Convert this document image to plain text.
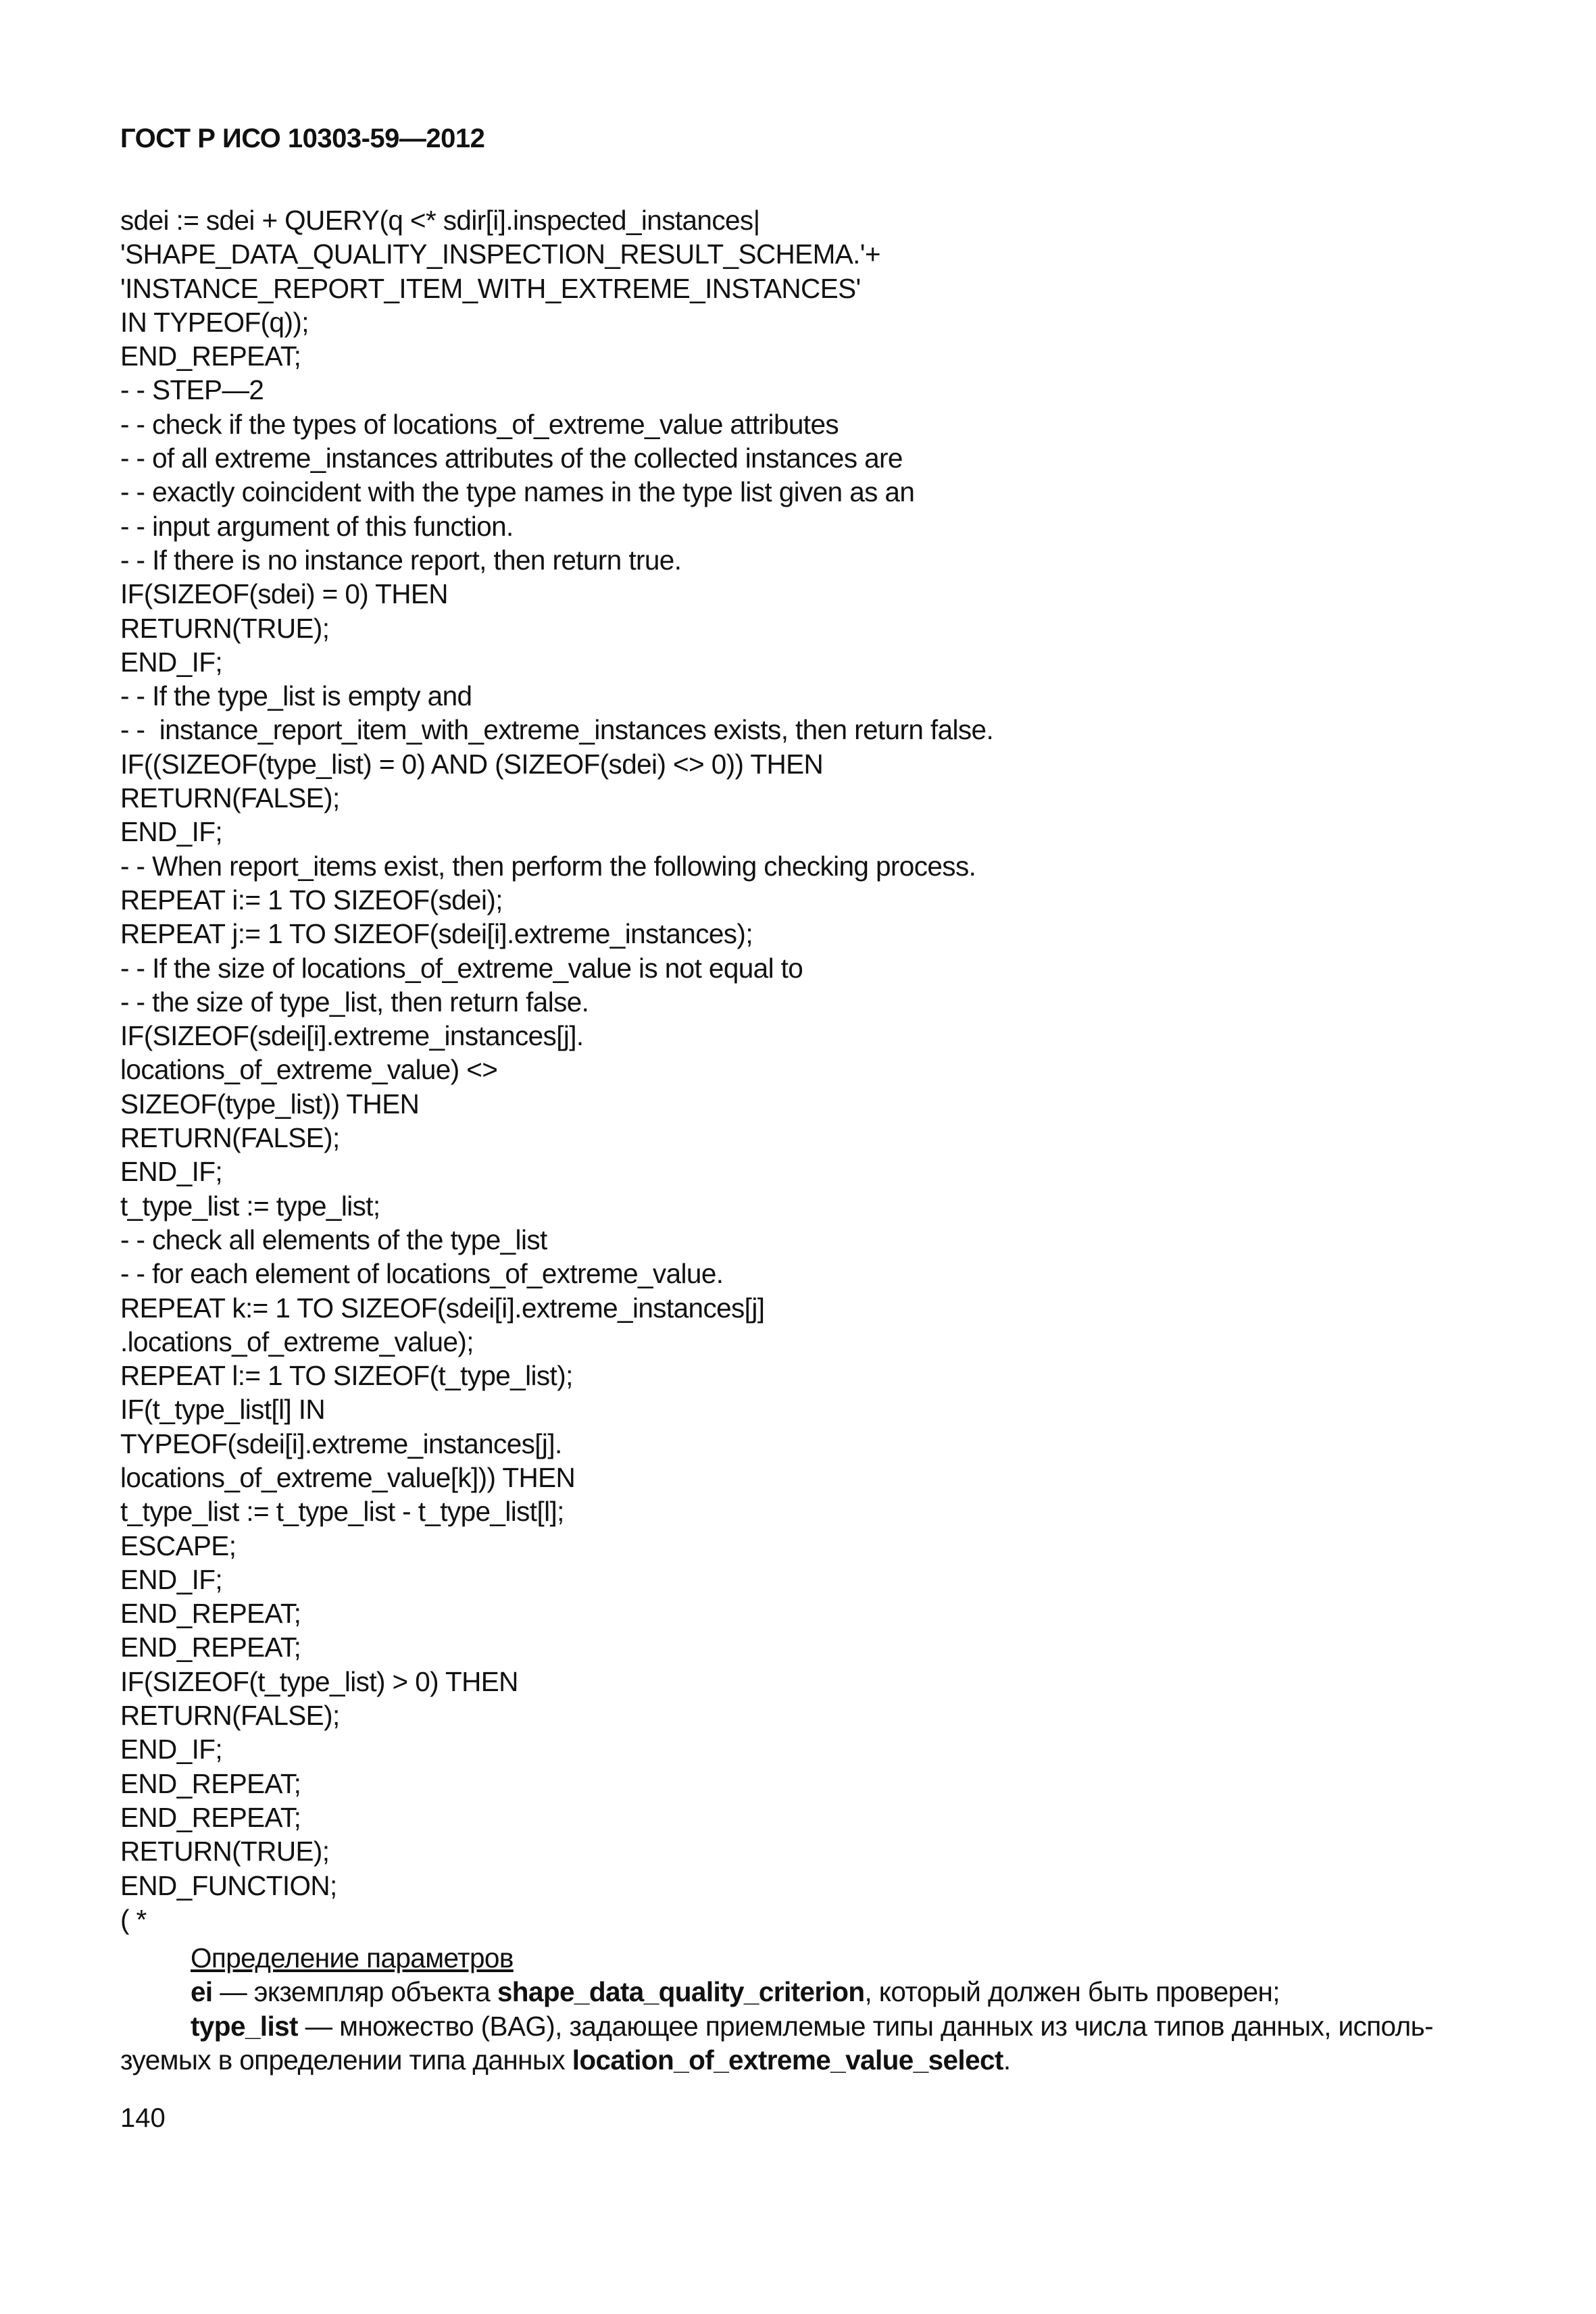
ГОСТ Р ИСО 10303-59—2012
sdei := sdei + QUERY(q <* sdir[i].inspected_instances|
'SHAPE_DATA_QUALITY_INSPECTION_RESULT_SCHEMA.'+
'INSTANCE_REPORT_ITEM_WITH_EXTREME_INSTANCES'
IN TYPEOF(q));
END_REPEAT;
- - STEP—2
- - check if the types of locations_of_extreme_value attributes
- - of all extreme_instances attributes of the collected instances are
- - exactly coincident with the type names in the type list given as an
- - input argument of this function.
- - If there is no instance report, then return true.
IF(SIZEOF(sdei) = 0) THEN
RETURN(TRUE);
END_IF;
- - If the type_list is empty and
- -  instance_report_item_with_extreme_instances exists, then return false.
IF((SIZEOF(type_list) = 0) AND (SIZEOF(sdei) <> 0)) THEN
RETURN(FALSE);
END_IF;
- - When report_items exist, then perform the following checking process.
REPEAT i:= 1 TO SIZEOF(sdei);
REPEAT j:= 1 TO SIZEOF(sdei[i].extreme_instances);
- - If the size of locations_of_extreme_value is not equal to
- - the size of type_list, then return false.
IF(SIZEOF(sdei[i].extreme_instances[j].
locations_of_extreme_value) <>
SIZEOF(type_list)) THEN
RETURN(FALSE);
END_IF;
t_type_list := type_list;
- - check all elements of the type_list
- - for each element of locations_of_extreme_value.
REPEAT k:= 1 TO SIZEOF(sdei[i].extreme_instances[j]
.locations_of_extreme_value);
REPEAT l:= 1 TO SIZEOF(t_type_list);
IF(t_type_list[l] IN
TYPEOF(sdei[i].extreme_instances[j].
locations_of_extreme_value[k])) THEN
t_type_list := t_type_list - t_type_list[l];
ESCAPE;
END_IF;
END_REPEAT;
END_REPEAT;
IF(SIZEOF(t_type_list) > 0) THEN
RETURN(FALSE);
END_IF;
END_REPEAT;
END_REPEAT;
RETURN(TRUE);
END_FUNCTION;
( *
Определение параметров
ei — экземпляр объекта shape_data_quality_criterion, который должен быть проверен;
type_list — множество (BAG), задающее приемлемые типы данных из числа типов данных, исполь-зуемых в определении типа данных location_of_extreme_value_select.
140
